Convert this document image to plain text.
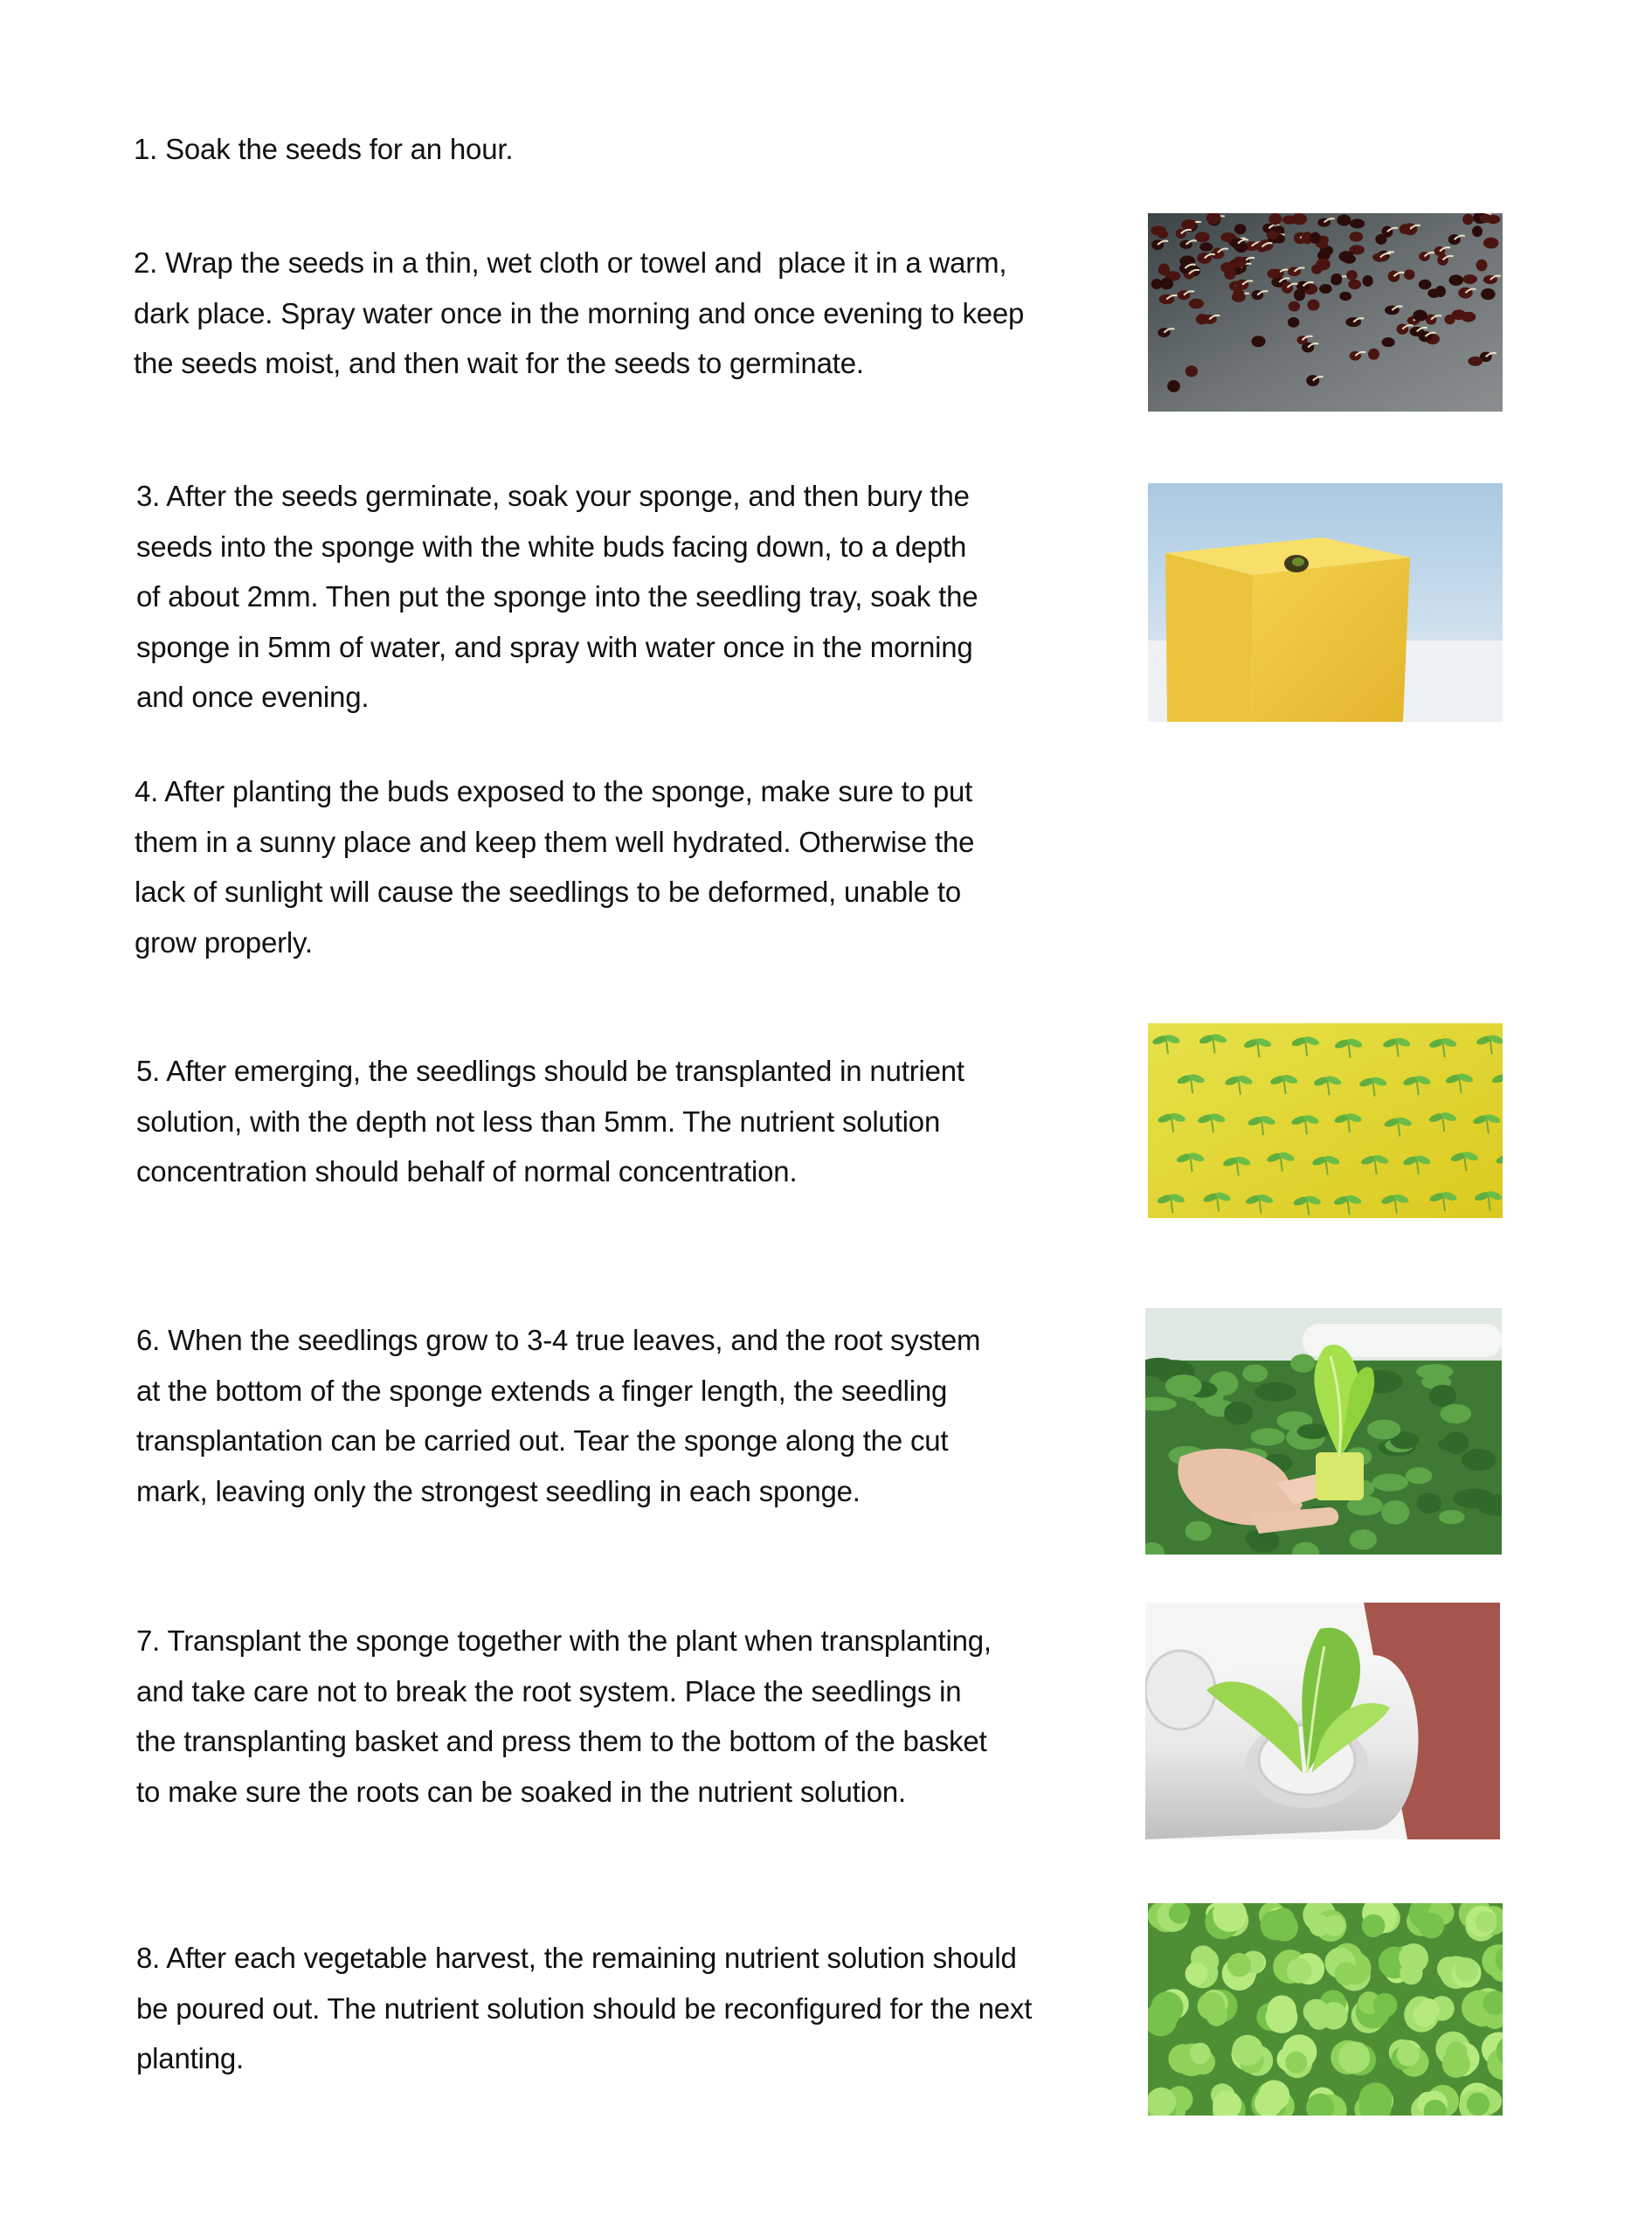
1. Soak the seeds for an hour.

2. Wrap the seeds in a thin, wet cloth or towel and  place it in a warm,
dark place. Spray water once in the morning and once evening to keep
the seeds moist, and then wait for the seeds to germinate.

3. After the seeds germinate, soak your sponge, and then bury the
seeds into the sponge with the white buds facing down, to a depth
of about 2mm. Then put the sponge into the seedling tray, soak the
sponge in 5mm of water, and spray with water once in the morning
and once evening.

4. After planting the buds exposed to the sponge, make sure to put
them in a sunny place and keep them well hydrated. Otherwise the
lack of sunlight will cause the seedlings to be deformed, unable to
grow properly.

5. After emerging, the seedlings should be transplanted in nutrient
solution, with the depth not less than 5mm. The nutrient solution
concentration should behalf of normal concentration.

6. When the seedlings grow to 3-4 true leaves, and the root system
at the bottom of the sponge extends a finger length, the seedling
transplantation can be carried out. Tear the sponge along the cut
mark, leaving only the strongest seedling in each sponge.

7. Transplant the sponge together with the plant when transplanting,
and take care not to break the root system. Place the seedlings in
the transplanting basket and press them to the bottom of the basket
to make sure the roots can be soaked in the nutrient solution.

8. After each vegetable harvest, the remaining nutrient solution should
be poured out. The nutrient solution should be reconfigured for the next
planting.
